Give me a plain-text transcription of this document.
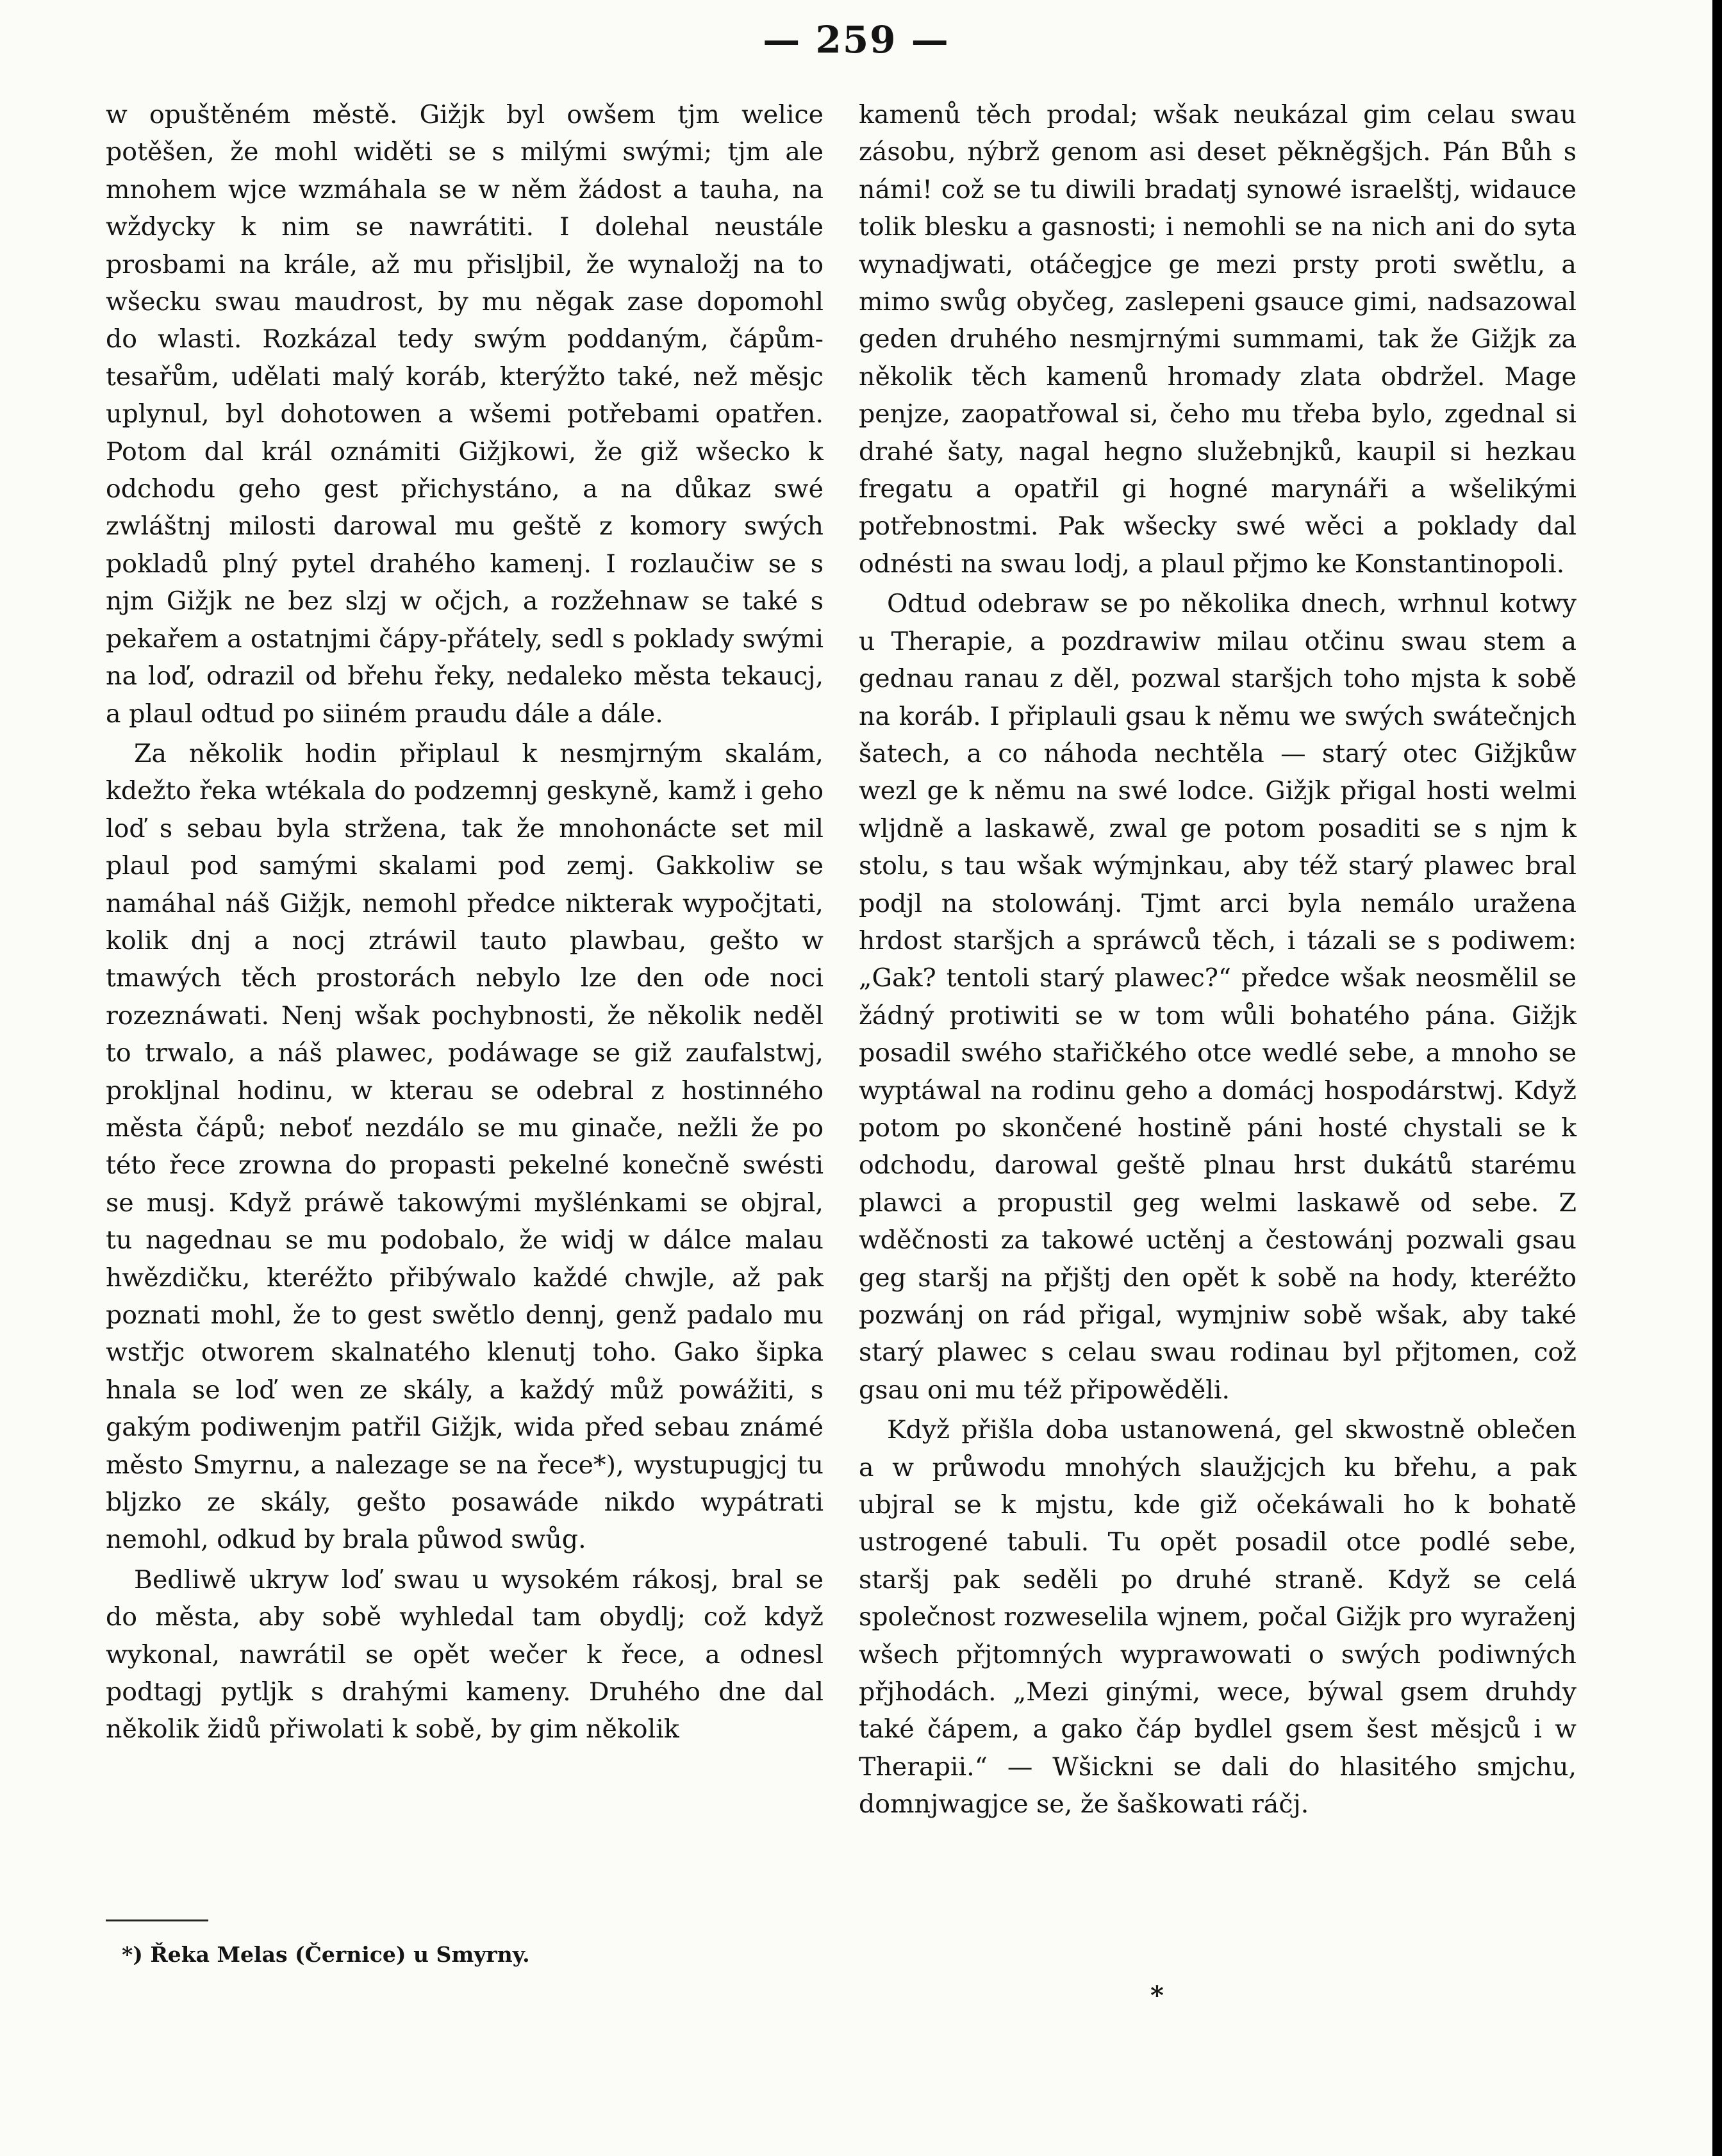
— 259 —

w opuštěném městě. Gižjk byl owšem tjm welice potěšen, že mohl widěti se s milými swými; tjm ale mnohem wjce wzmáhala se w něm žádost a tauha, na wždycky k nim se nawrátiti. I dolehal neustále prosbami na krále, až mu přisljbil, že wynaložj na to wšecku swau maudrost, by mu něgak zase dopomohl do wlasti. Rozkázal tedy swým poddaným, čápům-tesařům, udělati malý koráb, kterýžto také, než měsjc uplynul, byl dohotowen a wšemi potřebami opatřen. Potom dal král oznámiti Gižjkowi, že giž wšecko k odchodu geho gest přichystáno, a na důkaz swé zwláštnj milosti darowal mu geště z komory swých pokladů plný pytel drahého kamenj. I rozlaučiw se s njm Gižjk ne bez slzj w očjch, a rozžehnaw se také s pekařem a ostatnjmi čápy-přátely, sedl s poklady swými na loď, odrazil od břehu řeky, nedaleko města tekaucj, a plaul odtud po siiném praudu dále a dále.

Za několik hodin připlaul k nesmjrným skalám, kdežto řeka wtékala do podzemnj geskyně, kamž i geho loď s sebau byla stržena, tak že mnohonácte set mil plaul pod samými skalami pod zemj. Gakkoliw se namáhal náš Gižjk, nemohl předce nikterak wypočjtati, kolik dnj a nocj ztráwil tauto plawbau, gešto w tmawých těch prostorách nebylo lze den ode noci rozeznáwati. Nenj wšak pochybnosti, že několik neděl to trwalo, a náš plawec, podáwage se giž zaufalstwj, prokljnal hodinu, w kterau se odebral z hostinného města čápů; neboť nezdálo se mu ginače, nežli že po této řece zrowna do propasti pekelné konečně swésti se musj. Když práwě takowými myšlénkami se objral, tu nagednau se mu podobalo, že widj w dálce malau hwězdičku, kteréžto přibýwalo každé chwjle, až pak poznati mohl, že to gest swětlo dennj, genž padalo mu wstřjc otworem skalnatého klenutj toho. Gako šipka hnala se loď wen ze skály, a každý můž powážiti, s gakým podiwenjm patřil Gižjk, wida před sebau známé město Smyrnu, a nalezage se na řece*), wystupugjcj tu bljzko ze skály, gešto posawáde nikdo wypátrati nemohl, odkud by brala půwod swůg.

Bedliwě ukryw loď swau u wysokém rákosj, bral se do města, aby sobě wyhledal tam obydlj; což když wykonal, nawrátil se opět wečer k řece, a odnesl podtagj pytljk s drahými kameny. Druhého dne dal několik židů přiwolati k sobě, by gim několik

kamenů těch prodal; wšak neukázal gim celau swau zásobu, nýbrž genom asi deset pěkněgšjch. Pán Bůh s námi! což se tu diwili bradatj synowé israelštj, widauce tolik blesku a gasnosti; i nemohli se na nich ani do syta wynadjwati, otáčegjce ge mezi prsty proti swětlu, a mimo swůg obyčeg, zaslepeni gsauce gimi, nadsazowal geden druhého nesmjrnými summami, tak že Gižjk za několik těch kamenů hromady zlata obdržel. Mage penjze, zaopatřowal si, čeho mu třeba bylo, zgednal si drahé šaty, nagal hegno služebnjků, kaupil si hezkau fregatu a opatřil gi hogné marynáři a wšelikými potřebnostmi. Pak wšecky swé wěci a poklady dal odnésti na swau lodj, a plaul přjmo ke Konstantinopoli.

Odtud odebraw se po několika dnech, wrhnul kotwy u Therapie, a pozdrawiw milau otčinu swau stem a gednau ranau z děl, pozwal staršjch toho mjsta k sobě na koráb. I připlauli gsau k němu we swých swátečnjch šatech, a co náhoda nechtěla — starý otec Gižjkůw wezl ge k němu na swé lodce. Gižjk přigal hosti welmi wljdně a laskawě, zwal ge potom posaditi se s njm k stolu, s tau wšak wýmjnkau, aby též starý plawec bral podjl na stolowánj. Tjmt arci byla nemálo uražena hrdost staršjch a spráwců těch, i tázali se s podiwem: „Gak? tentoli starý plawec?“ předce wšak neosmělil se žádný protiwiti se w tom wůli bohatého pána. Gižjk posadil swého stařičkého otce wedlé sebe, a mnoho se wyptáwal na rodinu geho a domácj hospodárstwj. Když potom po skončené hostině páni hosté chystali se k odchodu, darowal geště plnau hrst dukátů starému plawci a propustil geg welmi laskawě od sebe. Z wděčnosti za takowé uctěnj a čestowánj pozwali gsau geg staršj na přjštj den opět k sobě na hody, kteréžto pozwánj on rád přigal, wymjniw sobě wšak, aby také starý plawec s celau swau rodinau byl přjtomen, což gsau oni mu též připowěděli.

Když přišla doba ustanowená, gel skwostně oblečen a w průwodu mnohých slaužjcjch ku břehu, a pak ubjral se k mjstu, kde giž očekáwali ho k bohatě ustrogené tabuli. Tu opět posadil otce podlé sebe, staršj pak seděli po druhé straně. Když se celá společnost rozweselila wjnem, počal Gižjk pro wyraženj wšech přjtomných wyprawowati o swých podiwných přjhodách. „Mezi ginými, wece, býwal gsem druhdy také čápem, a gako čáp bydlel gsem šest měsjců i w Therapii.“ — Wšickni se dali do hlasitého smjchu, domnjwagjce se, že šaškowati ráčj.

*) Řeka Melas (Černice) u Smyrny.
*
